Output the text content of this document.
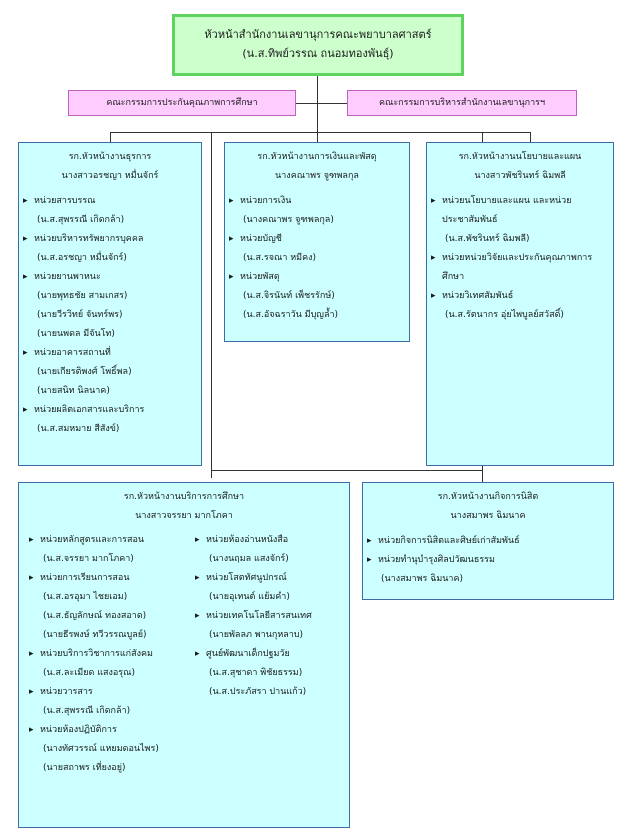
หัวหน้าสำนักงานเลขานุการคณะพยาบาลศาสตร์
(น.ส.ทิพย์วรรณ ถนอมทองพันธุ์)
คณะกรรมการประกันคุณภาพการศึกษา	คณะกรรมการบริหารสำนักงานเลขานุการฯ
รก.หัวหน้างานธุรการ
นางสาวอรชญา หมื่นจักร์
▸ หน่วยสารบรรณ
(น.ส.สุพรรณี เกิดกล้า)
▸ หน่วยบริหารทรัพยากรบุคคล
(น.ส.อรชญา หมื่นจักร์)
▸ หน่วยยานพาหนะ
(นายพุทธชัย สามเกสร)
(นายวีรวิทย์ จันทร์พร)
(นายนพดล มีจันโท)
▸ หน่วยอาคารสถานที่
(นายเกียรติพงศ์ โพธิ์พล)
(นายสนิท นิลนาค)
▸ หน่วยผลิตเอกสารและบริการ
(น.ส.สมหมาย สีสังข์)
รก.หัวหน้างานการเงินและพัสดุ
นางคณาพร จูฑพลกุล
▸ หน่วยการเงิน
(นางคณาพร จูฑพลกุล)
▸ หน่วยบัญชี
(น.ส.รจณา หมีคง)
▸ หน่วยพัสดุ
(น.ส.จิรนันท์ เพ็ชรรักษ์)
(น.ส.อัจฉราวัน มีบุญล้ำ)
รก.หัวหน้างานนโยบายและแผน
นางสาวพัชรินทร์ ฉิมพลี
▸ หน่วยนโยบายและแผน และหน่วยประชาสัมพันธ์
(น.ส.พัชรินทร์ ฉิมพลี)
▸ หน่วยหน่วยวิจัยและประกันคุณภาพการศึกษา
▸ หน่วยวิเทศสัมพันธ์
(น.ส.รัตนากร อุ่ยไพบูลย์สวัสดิ์)
รก.หัวหน้างานบริการการศึกษา
นางสาวจรรยา มากโภคา
▸ หน่วยหลักสูตรและการสอน
(น.ส.จรรยา มากโภคา)
▸ หน่วยการเรียนการสอน
(น.ส.อรอุมา ไชยเอม)
(น.ส.ธัญลักษณ์ ทองสอาด)
(นายธีรพงษ์ ทวีวรรณบูลย์)
▸ หน่วยบริการวิชาการแก่สังคม
(น.ส.ละเมียด แสงอรุณ)
▸ หน่วยวารสาร
(น.ส.สุพรรณี เกิดกล้า)
▸ หน่วยห้องปฏิบัติการ
(นางทัศวรรณ์ แหยมดอนไพร)
(นายสถาพร เที่ยงอยู่)
▸ หน่วยห้องอ่านหนังสือ
(นางนฤมล แสงจักร์)
▸ หน่วยโสตทัศนูปกรณ์
(นายอุเทนต์ แย้มคำ)
▸ หน่วยเทคโนโลยีสารสนเทศ
(นายพัลลภ พานกุหลาบ)
▸ ศูนย์พัฒนาเด็กปฐมวัย
(น.ส.สุชาดา พิชัยธรรม)
(น.ส.ประภัสรา ปานแก้ว)
รก.หัวหน้างานกิจการนิสิต
นางสมาพร ฉิมนาค
▸ หน่วยกิจการนิสิตและศิษย์เก่าสัมพันธ์
▸ หน่วยทำนุบำรุงศิลปวัฒนธรรม
(นางสมาพร ฉิมนาค)
